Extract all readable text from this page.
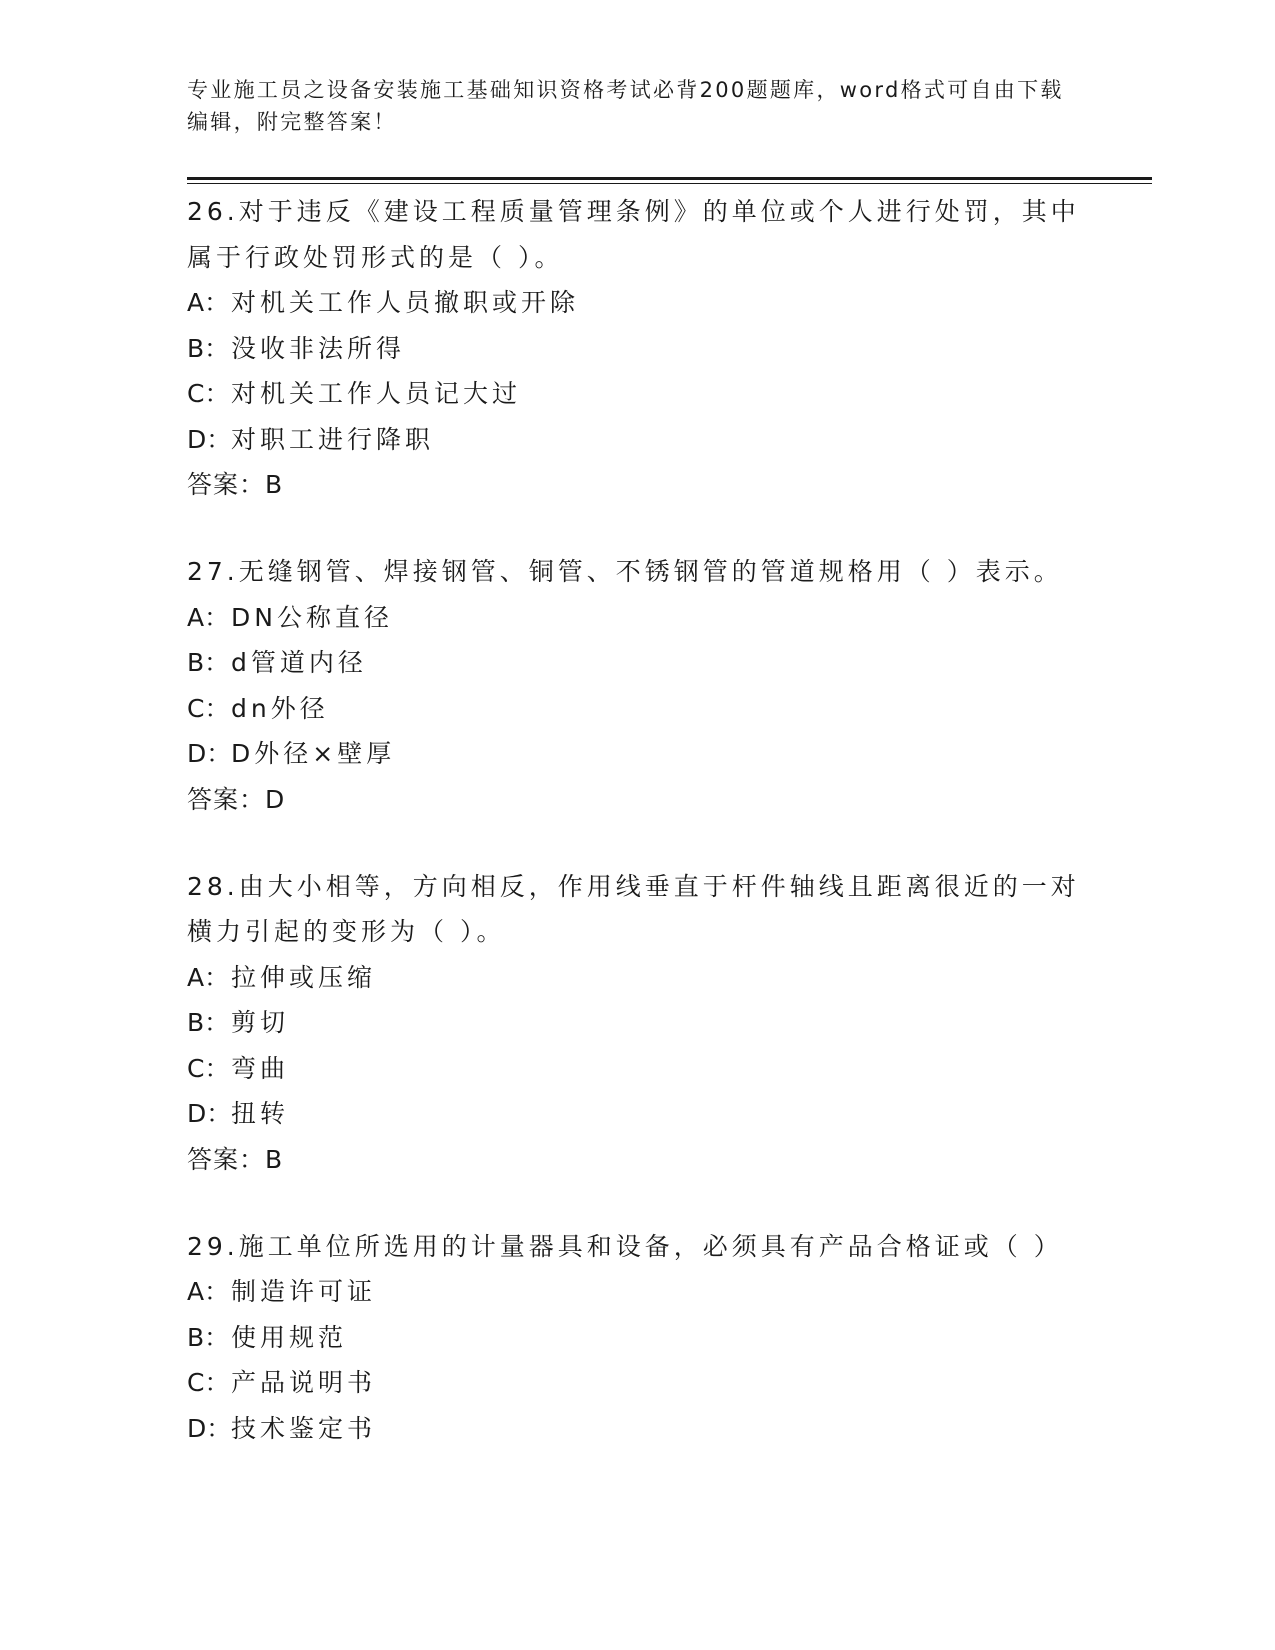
专业施工员之设备安装施工基础知识资格考试必背200题题库，word格式可自由下载编辑，附完整答案！
26.对于违反《建设工程质量管理条例》的单位或个人进行处罚，其中属于行政处罚形式的是（ ）。
A：对机关工作人员撤职或开除
B：没收非法所得
C：对机关工作人员记大过
D：对职工进行降职
答案：B
27.无缝钢管、焊接钢管、铜管、不锈钢管的管道规格用（ ）表示。
A：DN公称直径
B：d管道内径
C：dn外径
D：D外径×壁厚
答案：D
28.由大小相等，方向相反，作用线垂直于杆件轴线且距离很近的一对横力引起的变形为（ ）。
A：拉伸或压缩
B：剪切
C：弯曲
D：扭转
答案：B
29.施工单位所选用的计量器具和设备，必须具有产品合格证或（ ）
A：制造许可证
B：使用规范
C：产品说明书
D：技术鉴定书
